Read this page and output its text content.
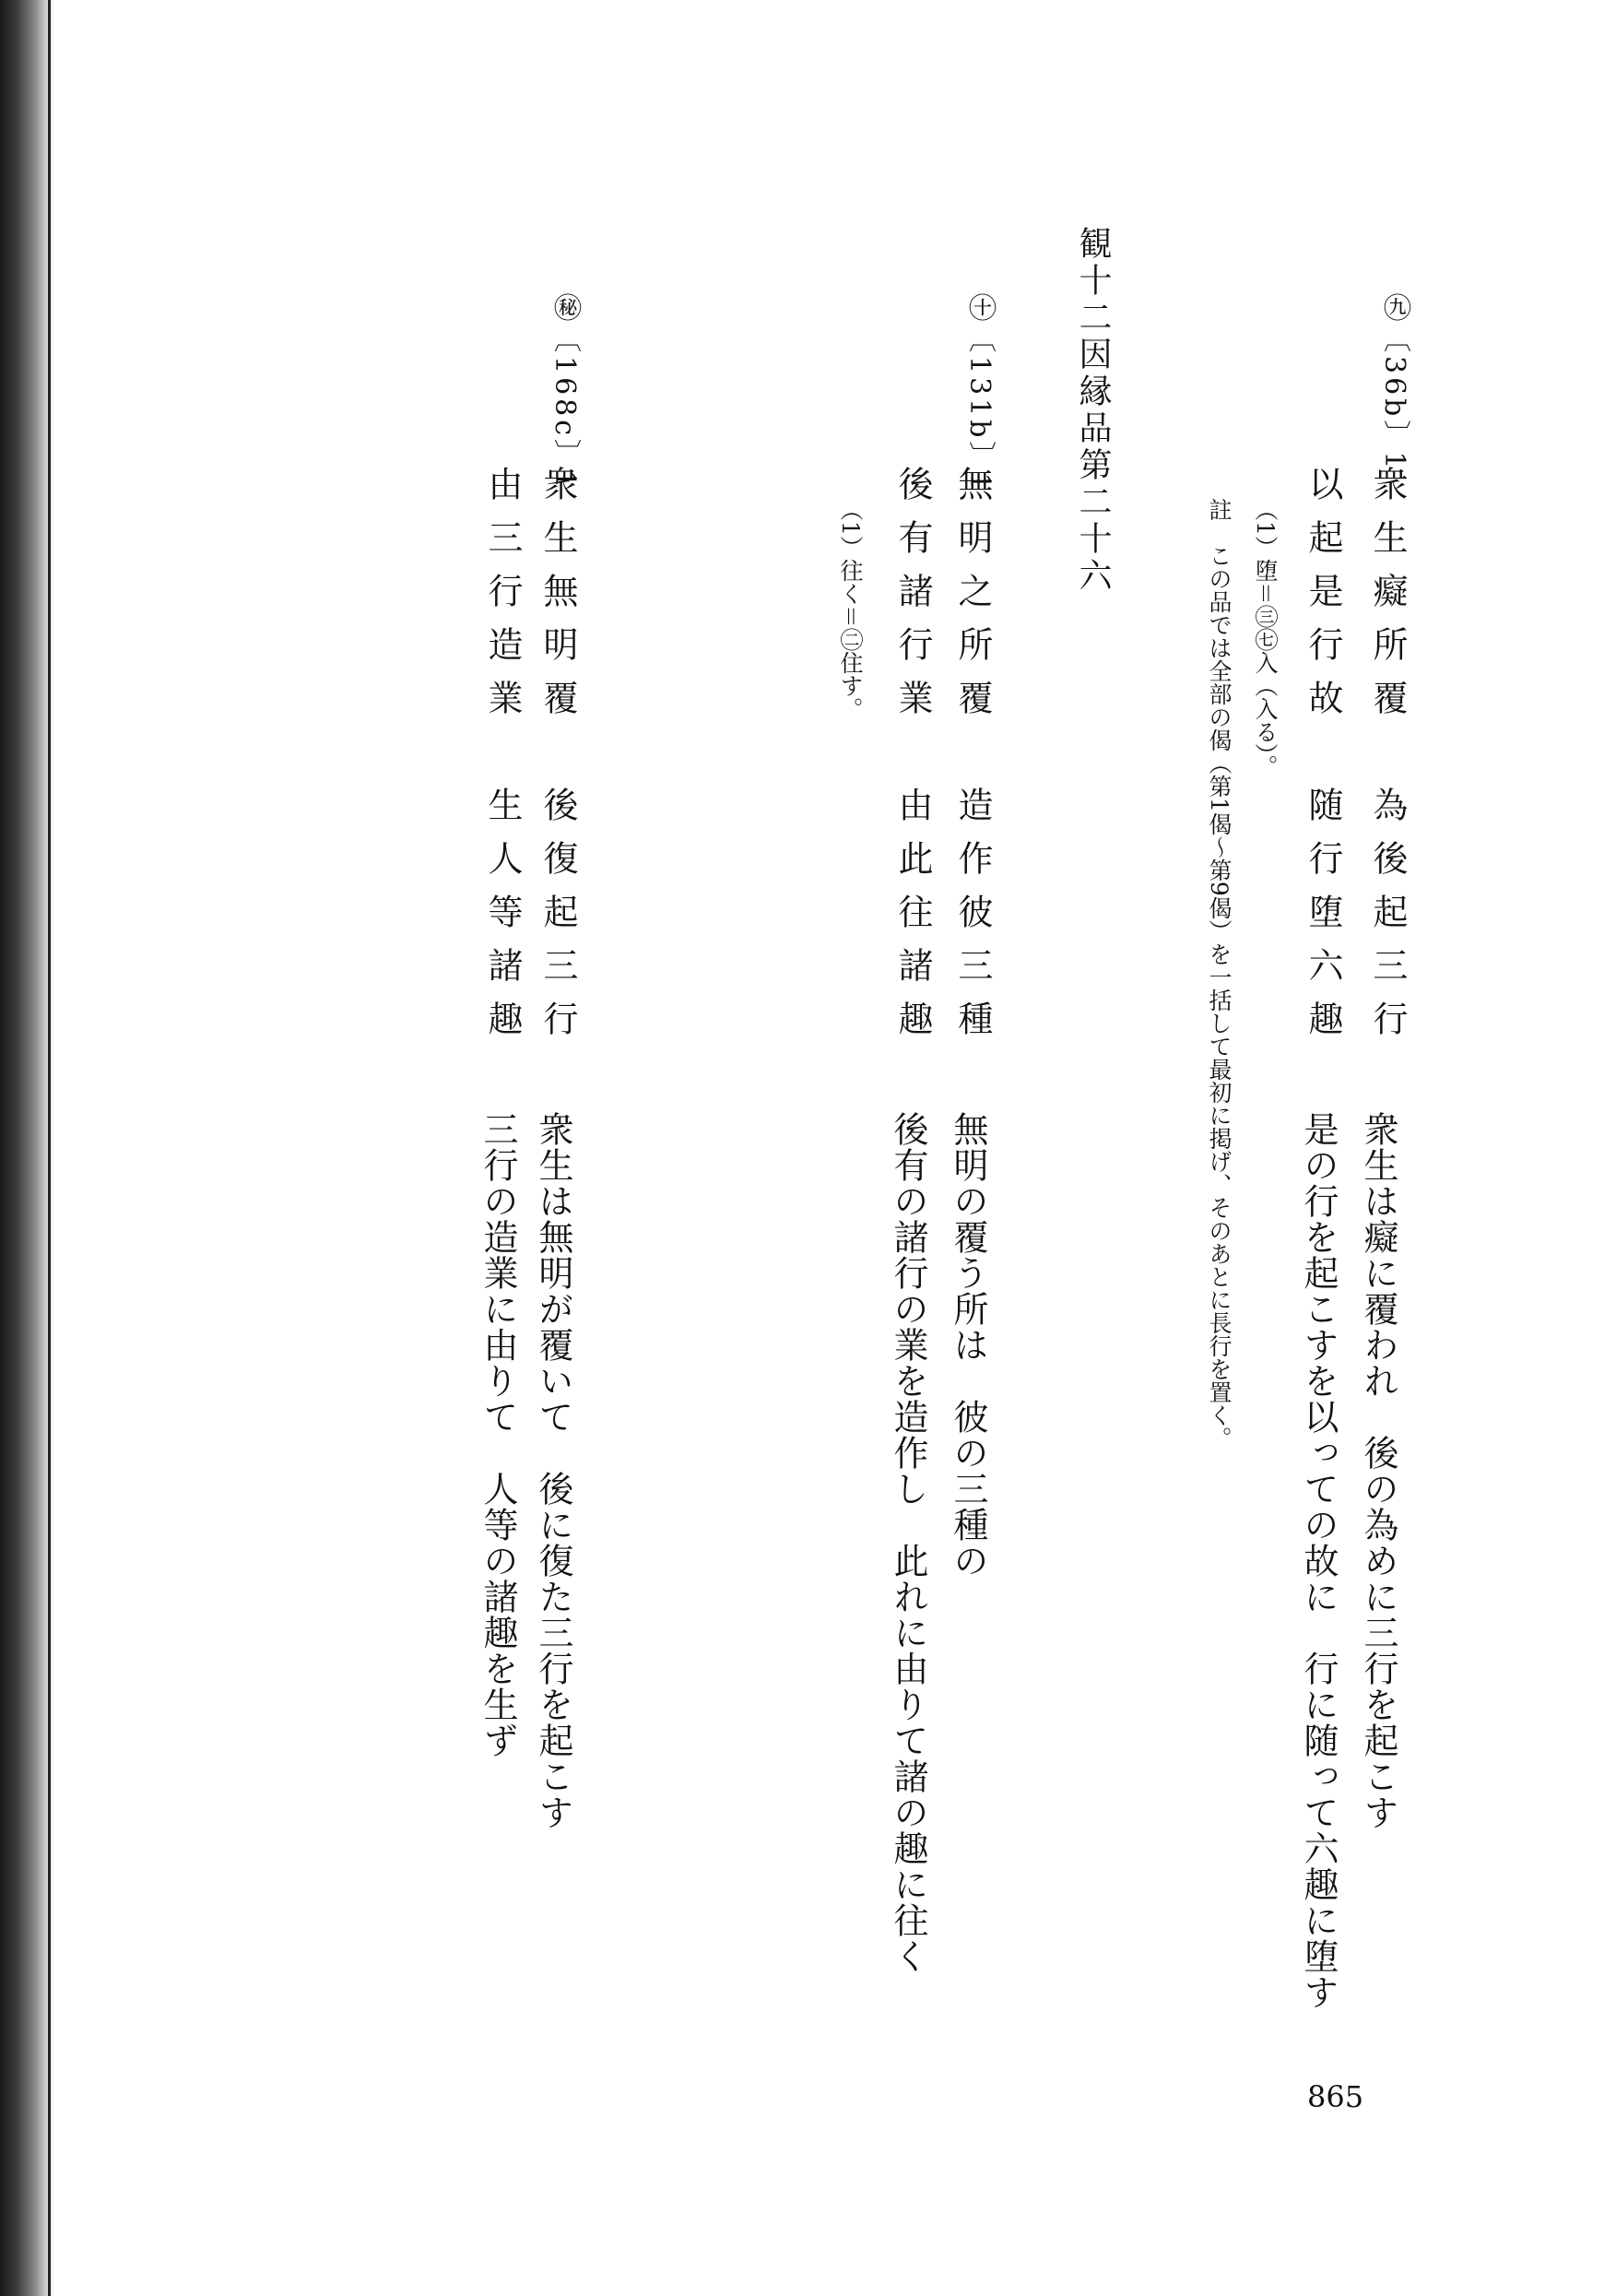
観十二因縁品第二十六	㊈〔36b〕1
衆生癡所覆　為後起三行
以起是行故　随行堕六趣
（1）堕＝㊂㊆入（入る）。
註　この品では全部の偈（第1偈〜第9偈）を一括して最初に掲げ、そのあとに長行を置く。
衆生は癡に覆われ　後の為めに三行を起こす
是の行を起こすを以っての故に　行に随って六趣に堕す
㊉〔131b〕1
無明之所覆　造作彼三種
後有諸行業　由此往諸趣
（1）往く＝㊁住す。
無明の覆う所は　彼の三種の
後有の諸行の業を造作し　此れに由りて諸の趣に往く
㊙〔168c〕1
衆生無明覆　後復起三行
由三行造業　生人等諸趣
衆生は無明が覆いて　後に復た三行を起こす
三行の造業に由りて　人等の諸趣を生ず
865
